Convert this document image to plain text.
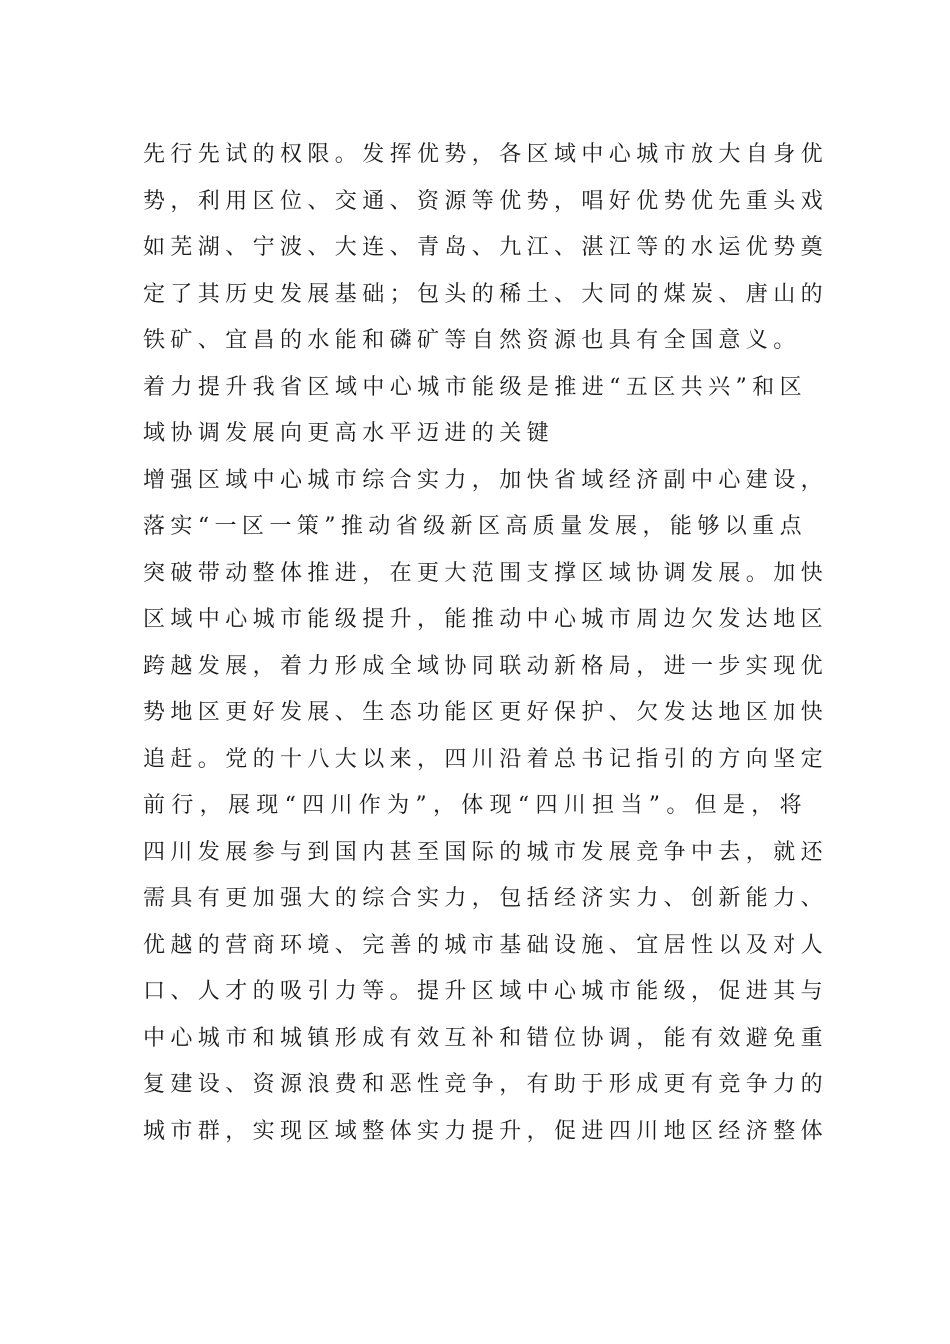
先行先试的权限。发挥优势，各区域中心城市放大自身优
势，利用区位、交通、资源等优势，唱好优势优先重头戏
如芜湖、宁波、大连、青岛、九江、湛江等的水运优势奠
定了其历史发展基础；包头的稀土、大同的煤炭、唐山的
铁矿、宜昌的水能和磷矿等自然资源也具有全国意义。
着力提升我省区域中心城市能级是推进“五区共兴”和区
域协调发展向更高水平迈进的关键
增强区域中心城市综合实力，加快省域经济副中心建设，
落实“一区一策”推动省级新区高质量发展，能够以重点
突破带动整体推进，在更大范围支撑区域协调发展。加快
区域中心城市能级提升，能推动中心城市周边欠发达地区
跨越发展，着力形成全域协同联动新格局，进一步实现优
势地区更好发展、生态功能区更好保护、欠发达地区加快
追赶。党的十八大以来，四川沿着总书记指引的方向坚定
前行，展现“四川作为”，体现“四川担当”。但是，将
四川发展参与到国内甚至国际的城市发展竞争中去，就还
需具有更加强大的综合实力，包括经济实力、创新能力、
优越的营商环境、完善的城市基础设施、宜居性以及对人
口、人才的吸引力等。提升区域中心城市能级，促进其与
中心城市和城镇形成有效互补和错位协调，能有效避免重
复建设、资源浪费和恶性竞争，有助于形成更有竞争力的
城市群，实现区域整体实力提升，促进四川地区经济整体
